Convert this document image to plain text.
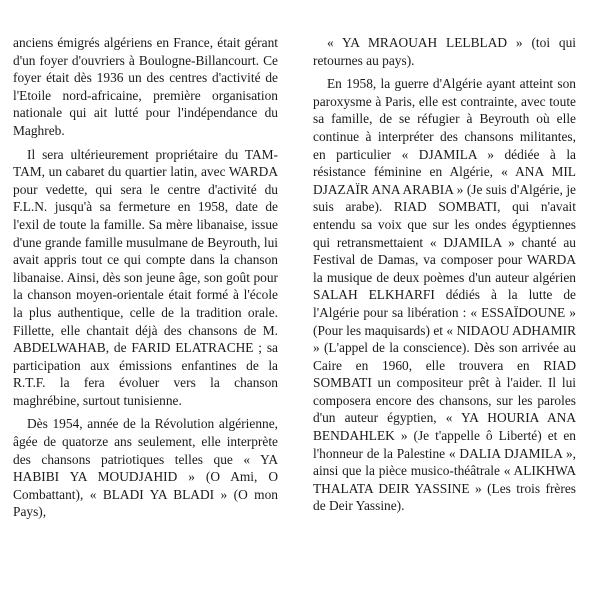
anciens émigrés algériens en France, était gérant d'un foyer d'ouvriers à Boulogne-Billancourt. Ce foyer était dès 1936 un des centres d'activité de l'Etoile nord-africaine, première organisation nationale qui ait lutté pour l'indépendance du Maghreb.

Il sera ultérieurement propriétaire du TAM-TAM, un cabaret du quartier latin, avec WARDA pour vedette, qui sera le centre d'activité du F.L.N. jusqu'à sa fermeture en 1958, date de l'exil de toute la famille. Sa mère libanaise, issue d'une grande famille musulmane de Beyrouth, lui avait appris tout ce qui compte dans la chanson libanaise. Ainsi, dès son jeune âge, son goût pour la chanson moyen-orientale était formé à l'école la plus authentique, celle de la tradition orale. Fillette, elle chantait déjà des chansons de M. ABDELWAHAB, de FARID ELATRACHE ; sa participation aux émissions enfantines de la R.T.F. la fera évoluer vers la chanson maghrébine, surtout tunisienne.

Dès 1954, année de la Révolution algérienne, âgée de quatorze ans seulement, elle interprète des chansons patriotiques telles que « YA HABIBI YA MOUDJAHID » (O Ami, O Combattant), « BLADI YA BLADI » (O mon Pays),

« YA MRAOUAH LELBLAD » (toi qui retournes au pays).

En 1958, la guerre d'Algérie ayant atteint son paroxysme à Paris, elle est contrainte, avec toute sa famille, de se réfugier à Beyrouth où elle continue à interpréter des chansons militantes, en particulier « DJAMILA » dédiée à la résistance féminine en Algérie, « ANA MIL DJAZAÏR ANA ARABIA » (Je suis d'Algérie, je suis arabe). RIAD SOMBATI, qui n'avait entendu sa voix que sur les ondes égyptiennes qui retransmettaient « DJAMILA » chanté au Festival de Damas, va composer pour WARDA la musique de deux poèmes d'un auteur algérien SALAH ELKHARFI dédiés à la lutte de l'Algérie pour sa libération : « ESSAÏDOUNE » (Pour les maquisards) et « NIDAOU ADHAMIR » (L'appel de la conscience). Dès son arrivée au Caire en 1960, elle trouvera en RIAD SOMBATI un compositeur prêt à l'aider. Il lui composera encore des chansons, sur les paroles d'un auteur égyptien, « YA HOURIA ANA BENDAHLEK » (Je t'appelle ô Liberté) et en l'honneur de la Palestine « DALIA DJAMILA », ainsi que la pièce musico-théâtrale « ALIKHWA THALATA DEIR YASSINE » (Les trois frères de Deir Yassine).
